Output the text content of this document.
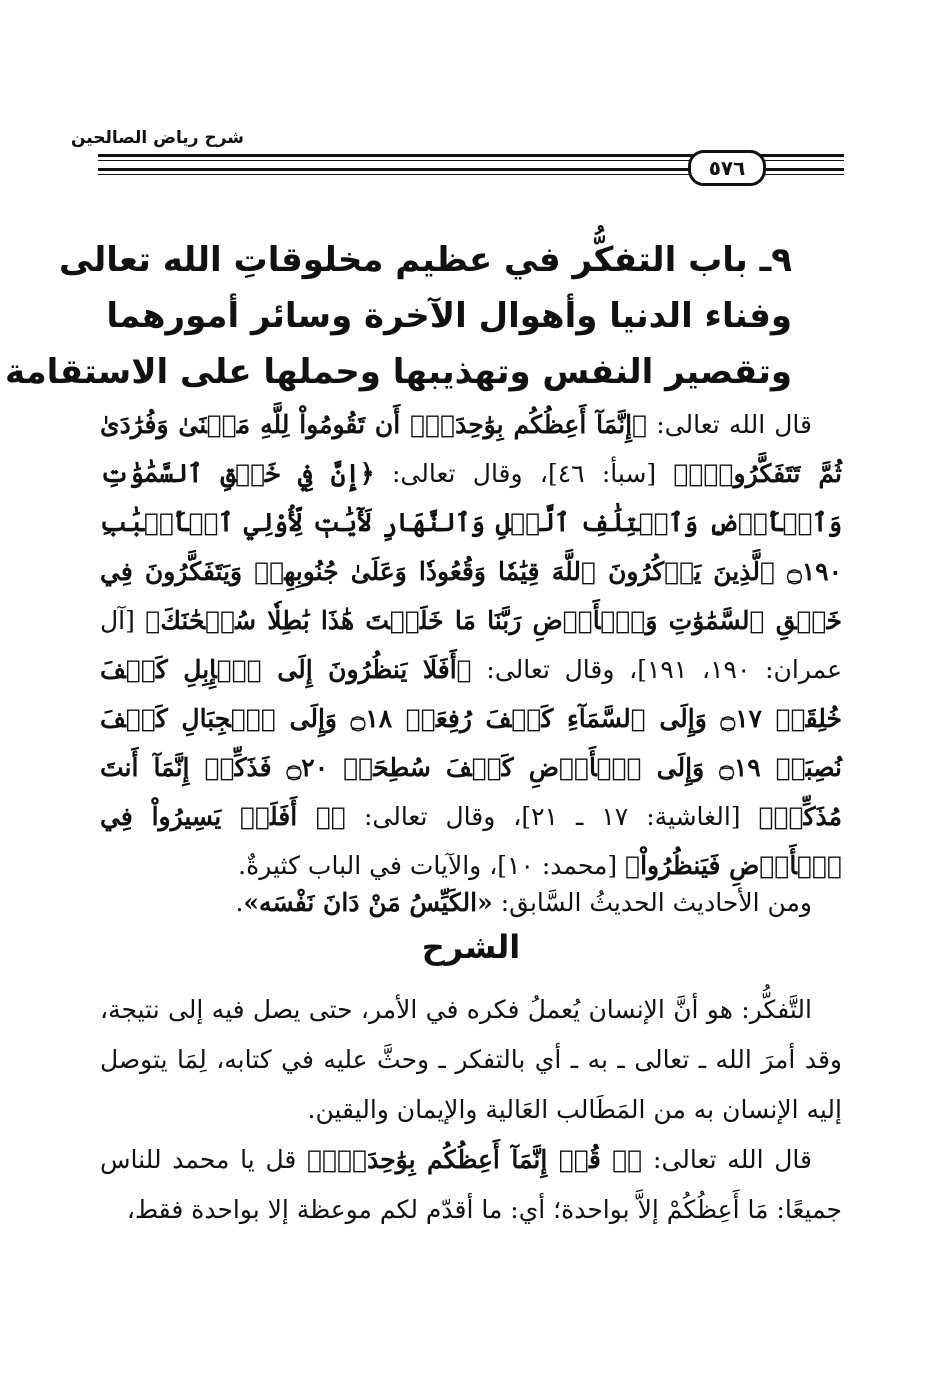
شرح رياض الصالحين
٥٧٦
٩ـ باب التفكُّر في عظيم مخلوقاتِ الله تعالى
وفناء الدنيا وأهوال الآخرة وسائر أمورهما
وتقصير النفس وتهذيبها وحملها على الاستقامة

قال الله تعالى: ﴿إِنَّمَآ أَعِظُكُم بِوَٰحِدَةٍۖ أَن تَقُومُواْ لِلَّهِ مَثۡنَىٰ وَفُرَٰدَىٰ ثُمَّ تَتَفَكَّرُواْۚ﴾ [سبأ: ٤٦]، وقال تعالى: ﴿إِنَّ فِي خَلۡقِ ٱلسَّمَٰوَٰتِ وَٱلۡأَرۡضِ وَٱخۡتِلَٰفِ ٱلَّيۡلِ وَٱلنَّهَارِ لَأٓيَٰتٖ لِّأُوْلِي ٱلۡأَلۡبَٰبِ ۝١٩٠ ٱلَّذِينَ يَذۡكُرُونَ ٱللَّهَ قِيَٰمٗا وَقُعُودٗا وَعَلَىٰ جُنُوبِهِمۡ وَيَتَفَكَّرُونَ فِي خَلۡقِ ٱلسَّمَٰوَٰتِ وَٱلۡأَرۡضِ رَبَّنَا مَا خَلَقۡتَ هَٰذَا بَٰطِلٗا سُبۡحَٰنَكَ﴾ [آل عمران: ١٩٠، ١٩١]، وقال تعالى: ﴿أَفَلَا يَنظُرُونَ إِلَى ٱلۡإِبِلِ كَيۡفَ خُلِقَتۡ ۝١٧ وَإِلَى ٱلسَّمَآءِ كَيۡفَ رُفِعَتۡ ۝١٨ وَإِلَى ٱلۡجِبَالِ كَيۡفَ نُصِبَتۡ ۝١٩ وَإِلَى ٱلۡأَرۡضِ كَيۡفَ سُطِحَتۡ ۝٢٠ فَذَكِّرۡ إِنَّمَآ أَنتَ مُذَكِّرٞ﴾ [الغاشية: ١٧ ـ ٢١]، وقال تعالى: ﴿۞ أَفَلَمۡ يَسِيرُواْ فِي ٱلۡأَرۡضِ فَيَنظُرُواْ﴾ [محمد: ١٠]، والآيات في الباب كثيرةٌ.

ومن الأحاديث الحديثُ السَّابق: «الكَيِّسُ مَنْ دَانَ نَفْسَه».

الشرح

التَّفكُّر: هو أنَّ الإنسان يُعملُ فكره في الأمر، حتى يصل فيه إلى نتيجة، وقد أمرَ الله ـ تعالى ـ به ـ أي بالتفكر ـ وحثَّ عليه في كتابه، لِمَا يتوصل إليه الإنسان به من المَطَالب العَالية والإيمان واليقين.

قال الله تعالى: ﴿۞ قُلۡ إِنَّمَآ أَعِظُكُم بِوَٰحِدَةٍۖ﴾ قل يا محمد للناس جميعًا: مَا أَعِظُكُمْ إلاَّ بواحدة؛ أي: ما أقدّم لكم موعظة إلا بواحدة فقط،
